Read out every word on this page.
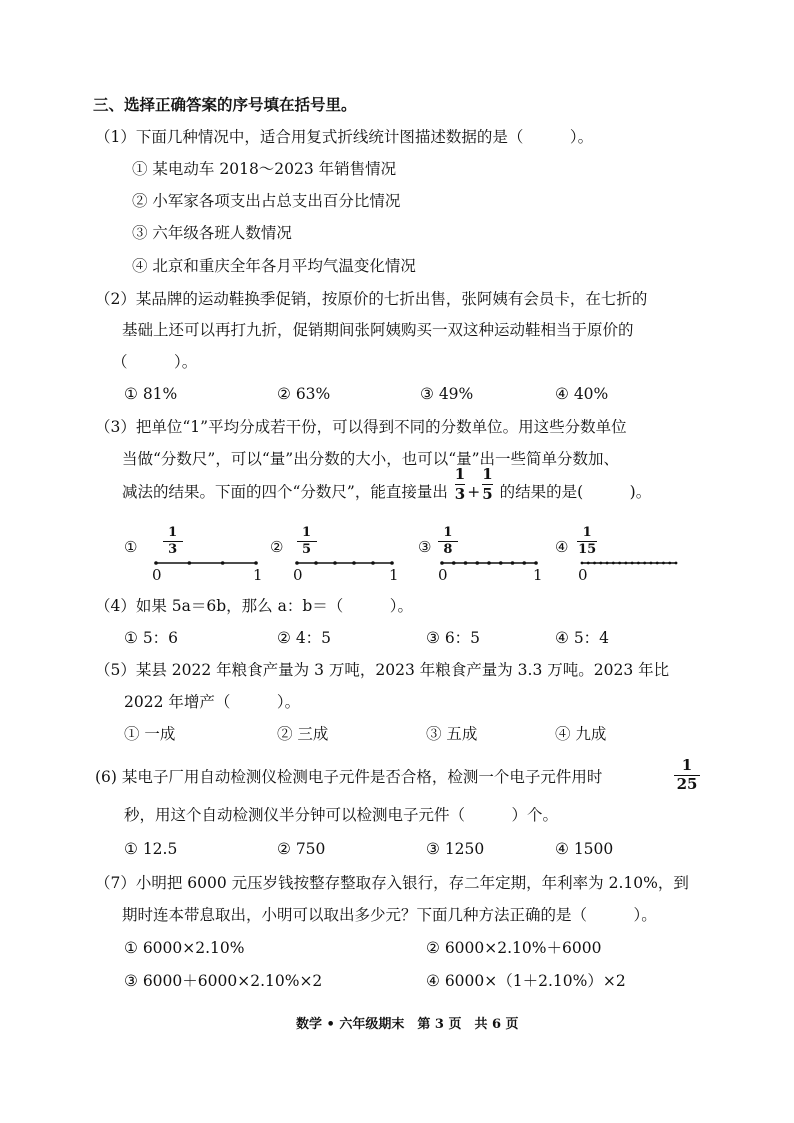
三、选择正确答案的序号填在括号里。
（1）下面几种情况中，适合用复式折线统计图描述数据的是（　　　）。
① 某电动车 2018～2023 年销售情况
② 小军家各项支出占总支出百分比情况
③ 六年级各班人数情况
④ 北京和重庆全年各月平均气温变化情况
（2）某品牌的运动鞋换季促销，按原价的七折出售，张阿姨有会员卡，在七折的
基础上还可以再打九折，促销期间张阿姨购买一双这种运动鞋相当于原价的
（　　　）。
① 81%	② 63%	③ 49%	④ 40%
（3）把单位“1”平均分成若干份，可以得到不同的分数单位。用这些分数单位
当做“分数尺”，可以“量”出分数的大小，也可以“量”出一些简单分数加、
减法的结果。下面的四个“分数尺”，能直接量出 $\frac{1}{3} + \frac{1}{5}$ 的结果的是(　　　)。
①
1
3
0	1
②
1
5
0	1
③
1
8
0	1
④
1
15
0
（4）如果 5a＝6b，那么 a：b＝（　　　）。
① 5：6	② 4：5	③ 6：5	④ 5：4
（5）某县 2022 年粮食产量为 3 万吨，2023 年粮食产量为 3.3 万吨。2023 年比
2022 年增产（　　　）。
① 一成	② 三成	③ 五成	④ 九成
(6) 某电子厂用自动检测仪检测电子元件是否合格，检测一个电子元件用时
1
25
秒，用这个自动检测仪半分钟可以检测电子元件（　　　）个。
① 12.5	② 750	③ 1250	④ 1500
（7）小明把 6000 元压岁钱按整存整取存入银行，存二年定期，年利率为 2.10%，到
期时连本带息取出，小明可以取出多少元？下面几种方法正确的是（　　　）。
① 6000×2.10%	② 6000×2.10%＋6000
③ 6000＋6000×2.10%×2	④ 6000×（1＋2.10%）×2
数学 • 六年级期末　第 3 页　共 6 页
